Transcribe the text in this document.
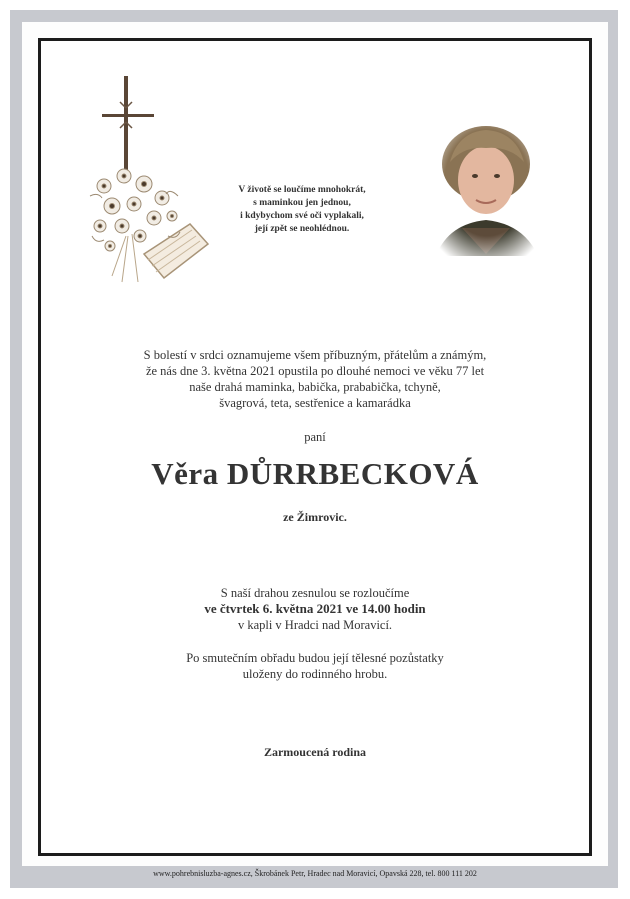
V životě se loučíme mnohokrát,
s maminkou jen jednou,
i kdybychom své oči vyplakali,
její zpět se neohlédnou.
S bolestí v srdci oznamujeme všem příbuzným, přátelům a známým,
že nás dne 3. května 2021 opustila po dlouhé nemoci ve věku 77 let
naše drahá maminka, babička, prababička, tchyně,
švagrová, teta, sestřenice a kamarádka
paní
Věra DŮRRBECKOVÁ
ze Žimrovic.
S naší drahou zesnulou se rozloučíme
ve čtvrtek 6. května 2021 ve 14.00 hodin
v kapli v Hradci nad Moravicí.
Po smutečním obřadu budou její tělesné pozůstatky
uloženy do rodinného hrobu.
Zarmoucená rodina
www.pohrebnisluzba-agnes.cz, Škrobánek Petr, Hradec nad Moravicí, Opavská 228, tel. 800 111 202
